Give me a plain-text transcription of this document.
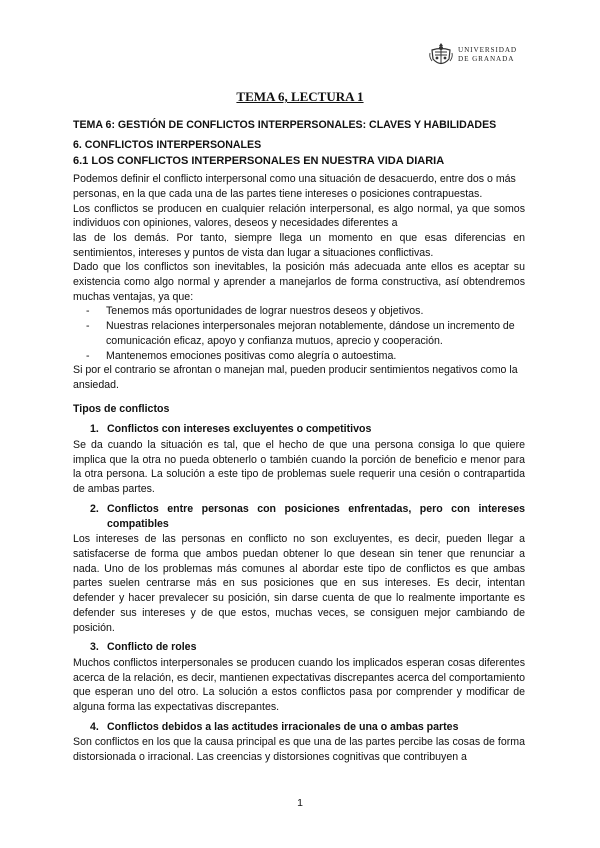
UNIVERSIDAD
DE GRANADA
TEMA 6, LECTURA 1

TEMA 6: GESTIÓN DE CONFLICTOS INTERPERSONALES: CLAVES Y HABILIDADES

6. CONFLICTOS INTERPERSONALES

6.1 LOS CONFLICTOS INTERPERSONALES EN NUESTRA VIDA DIARIA

Podemos definir el conflicto interpersonal como una situación de desacuerdo, entre dos o más personas, en la que cada una de las partes tiene intereses o posiciones contrapuestas.

Los conflictos se producen en cualquier relación interpersonal, es algo normal, ya que somos individuos con opiniones, valores, deseos y necesidades diferentes a

las de los demás. Por tanto, siempre llega un momento en que esas diferencias en sentimientos, intereses y puntos de vista dan lugar a situaciones conflictivas.

Dado que los conflictos son inevitables, la posición más adecuada ante ellos es aceptar su existencia como algo normal y aprender a manejarlos de forma constructiva, así obtendremos muchas ventajas, ya que:

- Tenemos más oportunidades de lograr nuestros deseos y objetivos.
- Nuestras relaciones interpersonales mejoran notablemente, dándose un incremento de comunicación eficaz, apoyo y confianza mutuos, aprecio y cooperación.
- Mantenemos emociones positivas como alegría o autoestima.

Si por el contrario se afrontan o manejan mal, pueden producir sentimientos negativos como la ansiedad.

Tipos de conflictos

1. Conflictos con intereses excluyentes o competitivos

Se da cuando la situación es tal, que el hecho de que una persona consiga lo que quiere implica que la otra no pueda obtenerlo o también cuando la porción de beneficio e menor para la otra persona. La solución a este tipo de problemas suele requerir una cesión o contrapartida de ambas partes.

2. Conflictos entre personas con posiciones enfrentadas, pero con intereses compatibles

Los intereses de las personas en conflicto no son excluyentes, es decir, pueden llegar a satisfacerse de forma que ambos puedan obtener lo que desean sin tener que renunciar a nada. Uno de los problemas más comunes al abordar este tipo de conflictos es que ambas partes suelen centrarse más en sus posiciones que en sus intereses. Es decir, intentan defender y hacer prevalecer su posición, sin darse cuenta de que lo realmente importante es defender sus intereses y de que estos, muchas veces, se consiguen mejor cambiando de posición.

3. Conflicto de roles

Muchos conflictos interpersonales se producen cuando los implicados esperan cosas diferentes acerca de la relación, es decir, mantienen expectativas discrepantes acerca del comportamiento que esperan uno del otro. La solución a estos conflictos pasa por comprender y modificar de alguna forma las expectativas discrepantes.

4. Conflictos debidos a las actitudes irracionales de una o ambas partes

Son conflictos en los que la causa principal es que una de las partes percibe las cosas de forma distorsionada o irracional. Las creencias y distorsiones cognitivas que contribuyen a

1
